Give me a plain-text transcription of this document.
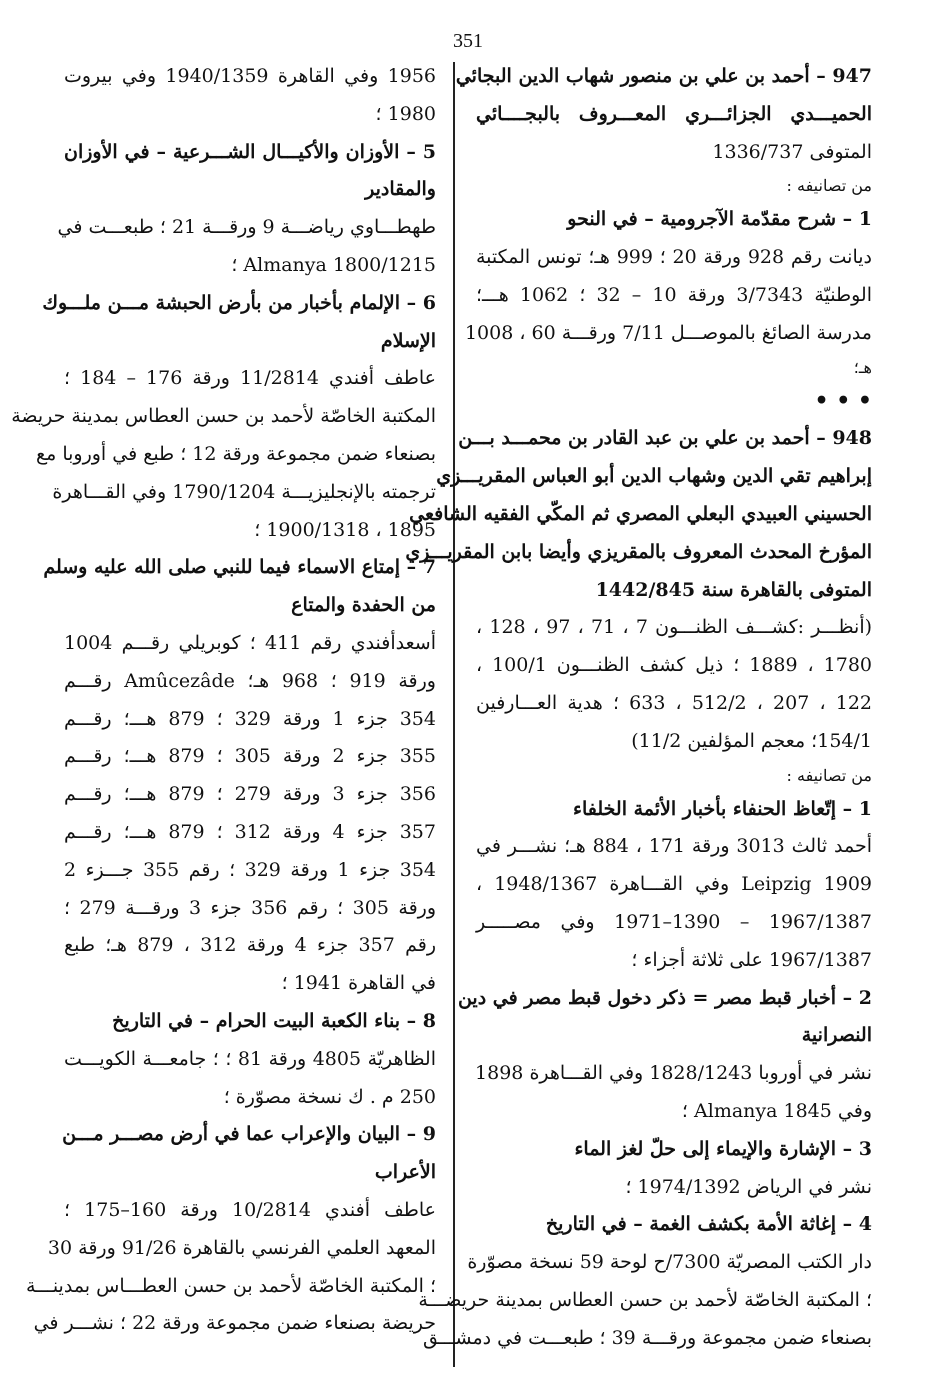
351
947 – أحمد بن علي بن منصور شهاب الدين البجائي
الحميـــدي الجزائـــري المعـــروف بالبجــــائي
المتوفى 1336/737
من تصانيفه :
1 – شرح مقدّمة الآجرومية – في النحو
ديانت رقم 928 ورقة 20 ؛ 999 هـ؛ تونس المكتبة
الوطنيّة 3/7343 ورقة 10 – 32 ؛ 1062 هـــ؛
مدرسة الصائغ بالموصـــل 7/11 ورقـــة 60 ، 1008
هـ؛
• • •
948 – أحمد بن علي بن عبد القادر بن محمـــد بـــن
إبراهيم تقي الدين وشهاب الدين أبو العباس المقريـــزي
الحسيني العبيدي البعلي المصري ثم المكّي الفقيه الشافعي
المؤرخ المحدث المعروف بالمقريزي وأيضا بابن المقريـــزي
المتوفى بالقاهرة سنة 1442/845
(أنظـــر :كشـــف الظنـــون 7 ، 71 ، 97 ، 128 ،
1780 ، 1889 ؛ ذيل كشف الظنـــون 100/1 ،
122 ، 207 ، 512/2 ، 633 ؛ هدية العـــارفين
154/1؛ معجم المؤلفين 11/2)
من تصانيفه :
1 – إتّعاظ الحنفاء بأخبار الأئمة الخلفاء
أحمد ثالث 3013 ورقة 171 ، 884 هـ؛ نشـــر في
Leipzig 1909 وفي القـــاهرة 1948/1367 ،
1967/1387 – 1390–1971 وفي مصـــــر
1967/1387 على ثلاثة أجزاء ؛
2 – أخبار قبط مصر = ذكر دخول قبط مصر في دين
النصرانية
نشر في أوروبا 1828/1243 وفي القـــاهرة 1898
وفي Almanya 1845 ؛
3 – الإشارة والإيماء إلى حلّ لغز الماء
نشر في الرياض 1974/1392 ؛
4 – إغاثة الأمة بكشف الغمة – في التاريخ
دار الكتب المصريّة 7300/ح لوحة 59 نسخة مصوّرة
؛ المكتبة الخاصّة لأحمد بن حسن العطاس بمدينة حريضـــة
بصنعاء ضمن مجموعة ورقـــة 39 ؛ طبعـــت في دمشـــق
1956 وفي القاهرة 1940/1359 وفي بيروت
1980 ؛
5 – الأوزان والأكيـــال الشـــرعية – في الأوزان
والمقادير
طهطـــاوي رياضـــة 9 ورقـــة 21 ؛ طبعـــت في
Almanya 1800/1215 ؛
6 – الإلمام بأخبار من بأرض الحبشة مـــن ملـــوك
الإسلام
عاطف أفندي 11/2814 ورقة 176 – 184 ؛
المكتبة الخاصّة لأحمد بن حسن العطاس بمدينة حريضة
بصنعاء ضمن مجموعة ورقة 12 ؛ طبع في أوروبا مع
ترجمته بالإنجليزيـــة 1790/1204 وفي القـــاهرة
1895 ، 1900/1318 ؛
7 – إمتاع الاسماء فيما للنبي صلى الله عليه وسلم
من الحفدة والمتاع
أسعدأفندي رقم 411 ؛ كوبريلي رقـــم 1004
ورقة 919 ؛ 968 هـ؛ Amûcezâde رقـــم
354 جزء 1 ورقة 329 ؛ 879 هـــ؛ رقـــم
355 جزء 2 ورقة 305 ؛ 879 هـــ؛ رقـــم
356 جزء 3 ورقة 279 ؛ 879 هـــ؛ رقـــم
357 جزء 4 ورقة 312 ؛ 879 هـــ؛ رقـــم
354 جزء 1 ورقة 329 ؛ رقم 355 جـــزء 2
ورقة 305 ؛ رقم 356 جزء 3 ورقـــة 279 ؛
رقم 357 جزء 4 ورقة 312 ، 879 هـ؛ طبع
في القاهرة 1941 ؛
8 – بناء الكعبة البيت الحرام – في التاريخ
الظاهريّة 4805 ورقة 81 ؛ ؛ جامعـــة الكويـــت
250 م . ك نسخة مصوّرة ؛
9 – البيان والإعراب عما في أرض مصـــر مـــن
الأعراب
عاطف أفندي 10/2814 ورقة 160–175 ؛
المعهد العلمي الفرنسي بالقاهرة 91/26 ورقة 30
؛ المكتبة الخاصّة لأحمد بن حسن العطـــاس بمدينـــة
حريضة بصنعاء ضمن مجموعة ورقة 22 ؛ نشـــر في
